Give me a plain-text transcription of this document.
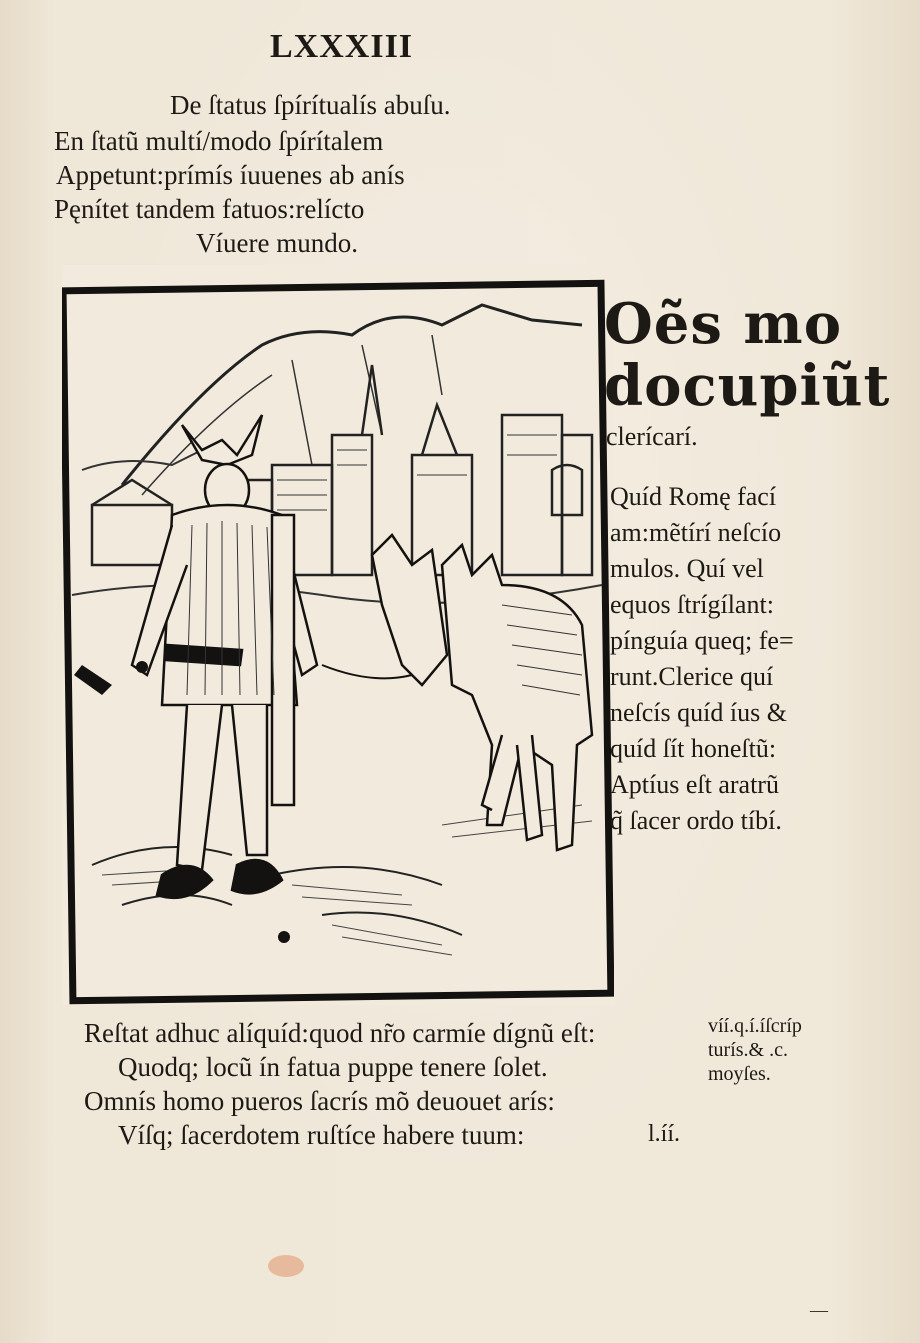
LXXXIII
De ſtatus ſpírítualís abuſu.
En ſtatũ multí/modo ſpírítalem
Appetunt:prímís íuuenes ab anís
Pęnítet tandem fatuos:relícto
Víuere mundo.
Oẽs mo
docupiũt
clerícarí.
Quíd Romę fací
am:mẽtírí neſcío
mulos. Quí vel
equos ſtrígílant:
pínguía queq; fe=
runt.Clerice quí
neſcís quíd íus &
quíd ſít honeſtũ:
Aptíus eſt aratrũ
q̃ ſacer ordo tíbí.
Reſtat adhuc alíquíd:quod nr̃o carmíe dígnũ eſt:
Quodq; locũ ín fatua puppe tenere ſolet.
Omnís homo pueros ſacrís mõ deuouet arís:
Víſq; ſacerdotem ruſtíce habere tuum:
víí.q.í.íſcríp
turís.& .c.
moyſes.
l.íí.
—
